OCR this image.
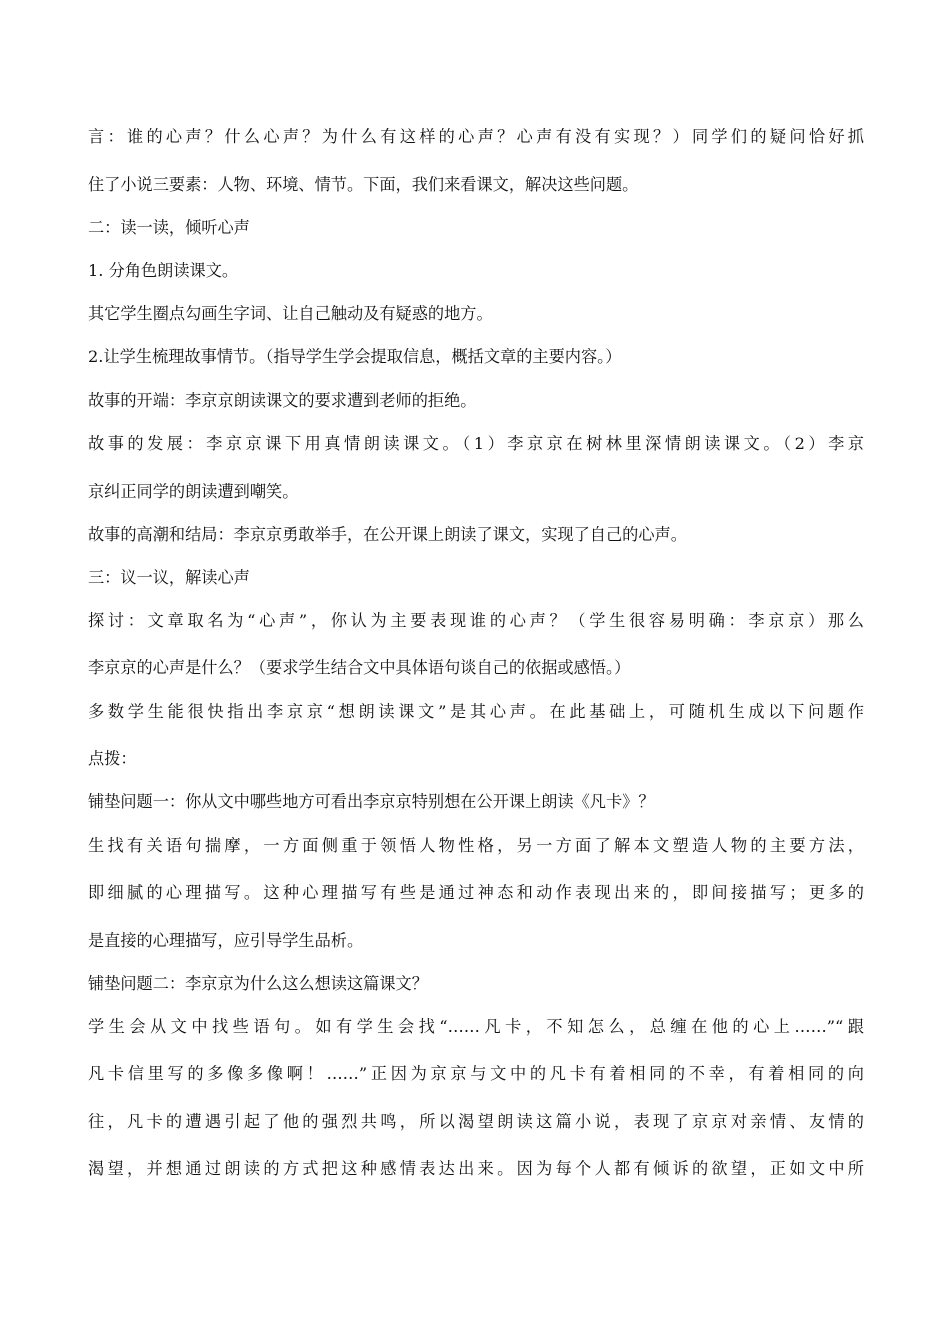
言：谁的心声？什么心声？为什么有这样的心声？心声有没有实现？）同学们的疑问恰好抓
住了小说三要素：人物、环境、情节。下面，我们来看课文，解决这些问题。
二：读一读，倾听心声
1. 分角色朗读课文。
其它学生圈点勾画生字词、让自己触动及有疑惑的地方。
2.让学生梳理故事情节。（指导学生学会提取信息，概括文章的主要内容。）
故事的开端：李京京朗读课文的要求遭到老师的拒绝。
故事的发展：李京京课下用真情朗读课文。（1）李京京在树林里深情朗读课文。（2）李京
京纠正同学的朗读遭到嘲笑。
故事的高潮和结局：李京京勇敢举手，在公开课上朗读了课文，实现了自己的心声。
三：议一议，解读心声
探讨：文章取名为“心声”，你认为主要表现谁的心声？（学生很容易明确：李京京）那么
李京京的心声是什么？（要求学生结合文中具体语句谈自己的依据或感悟。）
多数学生能很快指出李京京“想朗读课文”是其心声。在此基础上，可随机生成以下问题作
点拨：
铺垫问题一：你从文中哪些地方可看出李京京特别想在公开课上朗读《凡卡》？
生找有关语句揣摩，一方面侧重于领悟人物性格，另一方面了解本文塑造人物的主要方法，
即细腻的心理描写。这种心理描写有些是通过神态和动作表现出来的，即间接描写；更多的
是直接的心理描写，应引导学生品析。
铺垫问题二：李京京为什么这么想读这篇课文？
学生会从文中找些语句。如有学生会找“……凡卡，不知怎么，总缠在他的心上……”“跟
凡卡信里写的多像多像啊！……”正因为京京与文中的凡卡有着相同的不幸，有着相同的向
往，凡卡的遭遇引起了他的强烈共鸣，所以渴望朗读这篇小说，表现了京京对亲情、友情的
渴望，并想通过朗读的方式把这种感情表达出来。因为每个人都有倾诉的欲望，正如文中所
